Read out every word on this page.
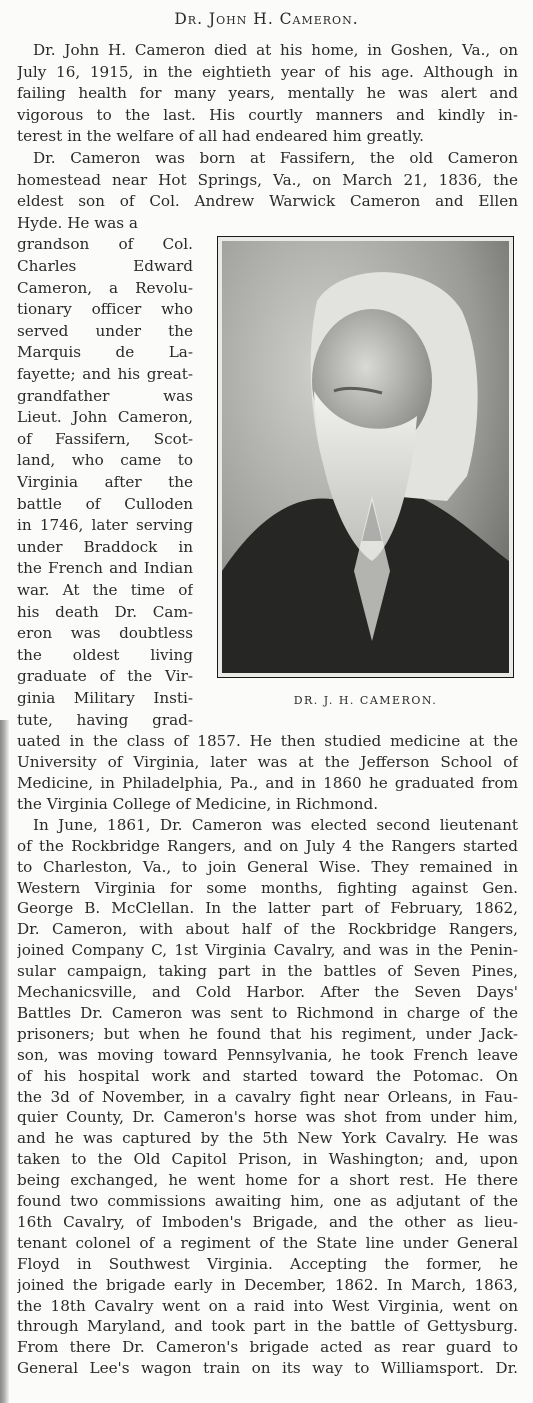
Dr. John H. Cameron.
Dr. John H. Cameron died at his home, in Goshen, Va., on
July 16, 1915, in the eightieth year of his age. Although in
failing health for many years, mentally he was alert and
vigorous to the last. His courtly manners and kindly in-
terest in the welfare of all had endeared him greatly.
Dr. Cameron was born at Fassifern, the old Cameron
homestead near Hot Springs, Va., on March 21, 1836, the
eldest son of Col. Andrew Warwick Cameron and Ellen
Hyde. He was a
grandson of Col.
Charles Edward
Cameron, a Revolu-
tionary officer who
served under the
Marquis de La-
fayette; and his great-
grandfather was
Lieut. John Cameron,
of Fassifern, Scot-
land, who came to
Virginia after the
battle of Culloden
in 1746, later serving
under Braddock in
the French and Indian
war. At the time of
his death Dr. Cam-
eron was doubtless
the oldest living
graduate of the Vir-
ginia Military Insti-
tute, having grad-
uated in the class of 1857. He then studied medicine at the
University of Virginia, later was at the Jefferson School of
Medicine, in Philadelphia, Pa., and in 1860 he graduated from
the Virginia College of Medicine, in Richmond.
In June, 1861, Dr. Cameron was elected second lieutenant
of the Rockbridge Rangers, and on July 4 the Rangers started
to Charleston, Va., to join General Wise. They remained in
Western Virginia for some months, fighting against Gen.
George B. McClellan. In the latter part of February, 1862,
Dr. Cameron, with about half of the Rockbridge Rangers,
joined Company C, 1st Virginia Cavalry, and was in the Penin-
sular campaign, taking part in the battles of Seven Pines,
Mechanicsville, and Cold Harbor. After the Seven Days'
Battles Dr. Cameron was sent to Richmond in charge of the
prisoners; but when he found that his regiment, under Jack-
son, was moving toward Pennsylvania, he took French leave
of his hospital work and started toward the Potomac. On
the 3d of November, in a cavalry fight near Orleans, in Fau-
quier County, Dr. Cameron's horse was shot from under him,
and he was captured by the 5th New York Cavalry. He was
taken to the Old Capitol Prison, in Washington; and, upon
being exchanged, he went home for a short rest. He there
found two commissions awaiting him, one as adjutant of the
16th Cavalry, of Imboden's Brigade, and the other as lieu-
tenant colonel of a regiment of the State line under General
Floyd in Southwest Virginia. Accepting the former, he
joined the brigade early in December, 1862. In March, 1863,
the 18th Cavalry went on a raid into West Virginia, went on
through Maryland, and took part in the battle of Gettysburg.
From there Dr. Cameron's brigade acted as rear guard to
General Lee's wagon train on its way to Williamsport. Dr.
DR. J. H. CAMERON.
